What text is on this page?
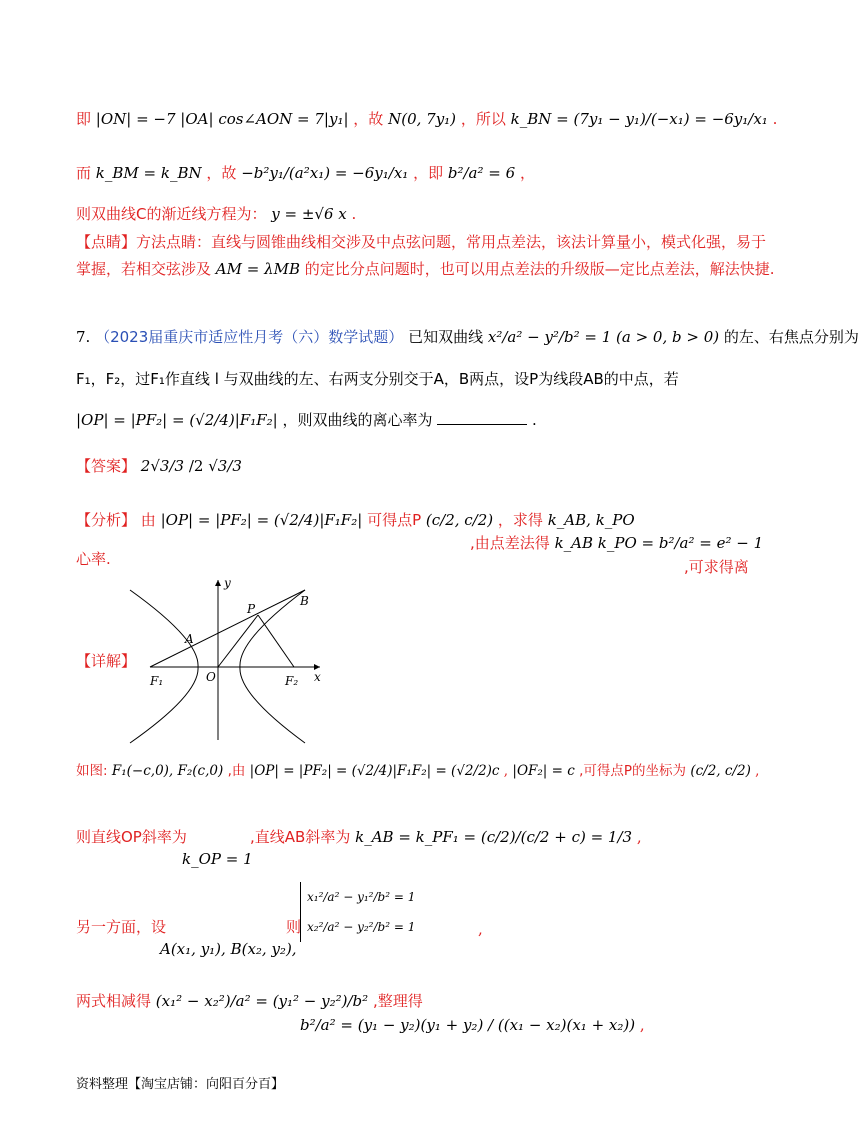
即 |ON| = −7 |OA| cos∠AON = 7|y₁| ，故 N(0, 7y₁) ，所以 k_BN = (7y₁ − y₁)/(−x₁) = −6y₁/x₁ .
而 k_BM = k_BN ，故 −b²y₁/(a²x₁) = −6y₁/x₁ ，即 b²/a² = 6 ，
则双曲线C的渐近线方程为： y = ±√6 x .
【点睛】方法点睛：直线与圆锥曲线相交涉及中点弦问题，常用点差法，该法计算量小，模式化强，易于
掌握，若相交弦涉及 AM = λMB 的定比分点问题时，也可以用点差法的升级版—定比点差法，解法快捷.
7. （2023届重庆市适应性月考（六）数学试题） 已知双曲线 x²/a² − y²/b² = 1 (a > 0, b > 0) 的左、右焦点分别为
F₁，F₂，过F₁作直线 l 与双曲线的左、右两支分别交于A，B两点，设P为线段AB的中点，若
|OP| = |PF₂| = (√2/4)|F₁F₂| ，则双曲线的离心率为	.
【答案】 2√3/3 /2 √3/3
【分析】 由 |OP| = |PF₂| = (√2/4)|F₁F₂| 可得点P (c/2, c/2) ，求得 k_AB, k_PO
,由点差法得 k_AB k_PO = b²/a² = e² − 1
,可求得离
心率.
【详解】
y
x
O
F₁	F₂
A
B
P
如图: F₁(−c,0), F₂(c,0) ,由 |OP| = |PF₂| = (√2/4)|F₁F₂| = (√2/2)c , |OF₂| = c ,可得点P的坐标为 (c/2, c/2) ,
则直线OP斜率为
k_OP = 1
,直线AB斜率为 k_AB = k_PF₁ = (c/2)/(c/2 + c) = 1/3 ,
另一方面，设
A(x₁, y₁), B(x₂, y₂),
则
x₁²/a² − y₁²/b² = 1
x₂²/a² − y₂²/b² = 1	,
两式相减得 (x₁² − x₂²)/a² = (y₁² − y₂²)/b² ,整理得
b²/a² = (y₁ − y₂)(y₁ + y₂) / ((x₁ − x₂)(x₁ + x₂)) ,
资料整理【淘宝店铺：向阳百分百】
